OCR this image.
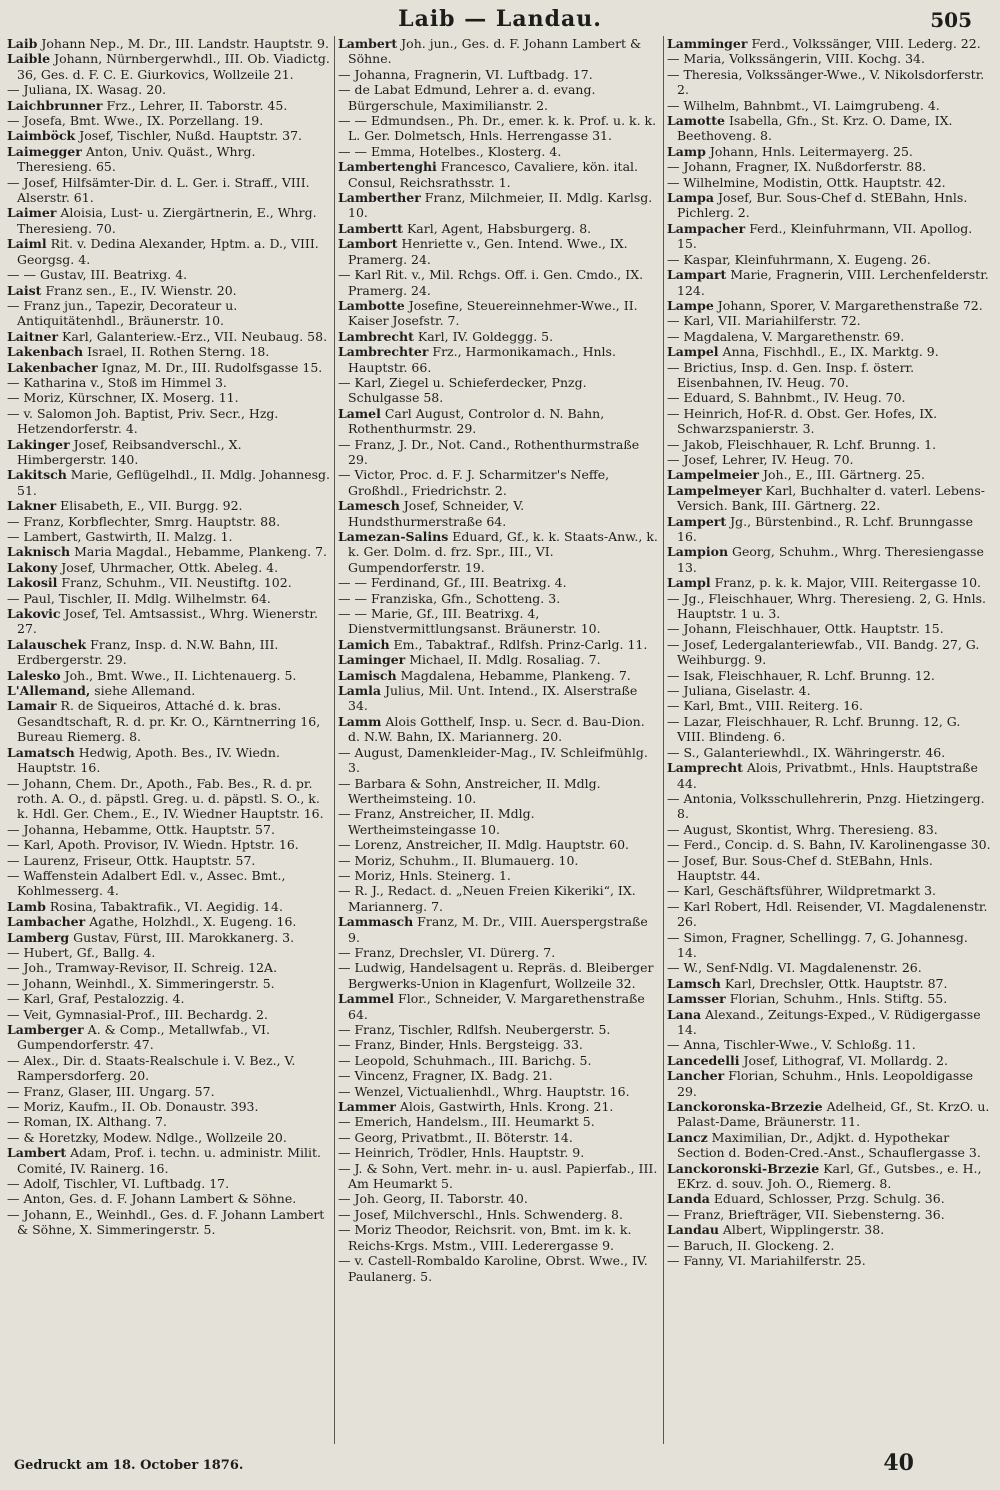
Laib — Landau.	505

Laib Johann Nep., M. Dr., III. Landstr. Hauptstr. 9.

Laible Johann, Nürnbergerwhdl., III. Ob. Viadictg. 36, Ges. d. F. C. E. Giurkovics, Wollzeile 21.

— Juliana, IX. Wasag. 20.

Laichbrunner Frz., Lehrer, II. Taborstr. 45.

— Josefa, Bmt. Wwe., IX. Porzellang. 19.

Laimböck Josef, Tischler, Nußd. Hauptstr. 37.

Laimegger Anton, Univ. Quäst., Whrg. Theresieng. 65.

— Josef, Hilfsämter-Dir. d. L. Ger. i. Straff., VIII. Alserstr. 61.

Laimer Aloisia, Lust- u. Ziergärtnerin, E., Whrg. Theresieng. 70.

Laiml Rit. v. Dedina Alexander, Hptm. a. D., VIII. Georgsg. 4.

— — Gustav, III. Beatrixg. 4.

Laist Franz sen., E., IV. Wienstr. 20.

— Franz jun., Tapezir, Decorateur u. Antiquitätenhdl., Bräunerstr. 10.

Laitner Karl, Galanteriew.-Erz., VII. Neubaug. 58.

Lakenbach Israel, II. Rothen Sterng. 18.

Lakenbacher Ignaz, M. Dr., III. Rudolfsgasse 15.

— Katharina v., Stoß im Himmel 3.

— Moriz, Kürschner, IX. Moserg. 11.

— v. Salomon Joh. Baptist, Priv. Secr., Hzg. Hetzendorferstr. 4.

Lakinger Josef, Reibsandverschl., X. Himbergerstr. 140.

Lakitsch Marie, Geflügelhdl., II. Mdlg. Johannesg. 51.

Lakner Elisabeth, E., VII. Burgg. 92.

— Franz, Korbflechter, Smrg. Hauptstr. 88.

— Lambert, Gastwirth, II. Malzg. 1.

Laknisch Maria Magdal., Hebamme, Plankeng. 7.

Lakony Josef, Uhrmacher, Ottk. Abeleg. 4.

Lakosil Franz, Schuhm., VII. Neustiftg. 102.

— Paul, Tischler, II. Mdlg. Wilhelmstr. 64.

Lakovic Josef, Tel. Amtsassist., Whrg. Wienerstr. 27.

Lalauschek Franz, Insp. d. N.W. Bahn, III. Erdbergerstr. 29.

Lalesko Joh., Bmt. Wwe., II. Lichtenauerg. 5.

L'Allemand, siehe Allemand.

Lamair R. de Siqueiros, Attaché d. k. bras. Gesandtschaft, R. d. pr. Kr. O., Kärntnerring 16, Bureau Riemerg. 8.

Lamatsch Hedwig, Apoth. Bes., IV. Wiedn. Hauptstr. 16.

— Johann, Chem. Dr., Apoth., Fab. Bes., R. d. pr. roth. A. O., d. päpstl. Greg. u. d. päpstl. S. O., k. k. Hdl. Ger. Chem., E., IV. Wiedner Hauptstr. 16.

— Johanna, Hebamme, Ottk. Hauptstr. 57.

— Karl, Apoth. Provisor, IV. Wiedn. Hptstr. 16.

— Laurenz, Friseur, Ottk. Hauptstr. 57.

— Waffenstein Adalbert Edl. v., Assec. Bmt., Kohlmesserg. 4.

Lamb Rosina, Tabaktrafik., VI. Aegidig. 14.

Lambacher Agathe, Holzhdl., X. Eugeng. 16.

Lamberg Gustav, Fürst, III. Marokkanerg. 3.

— Hubert, Gf., Ballg. 4.

— Joh., Tramway-Revisor, II. Schreig. 12A.

— Johann, Weinhdl., X. Simmeringerstr. 5.

— Karl, Graf, Pestalozzig. 4.

— Veit, Gymnasial-Prof., III. Bechardg. 2.

Lamberger A. & Comp., Metallwfab., VI. Gumpendorferstr. 47.

— Alex., Dir. d. Staats-Realschule i. V. Bez., V. Rampersdorferg. 20.

— Franz, Glaser, III. Ungarg. 57.

— Moriz, Kaufm., II. Ob. Donaustr. 393.

— Roman, IX. Althang. 7.

— & Horetzky, Modew. Ndlge., Wollzeile 20.

Lambert Adam, Prof. i. techn. u. administr. Milit. Comité, IV. Rainerg. 16.

— Adolf, Tischler, VI. Luftbadg. 17.

— Anton, Ges. d. F. Johann Lambert & Söhne.

— Johann, E., Weinhdl., Ges. d. F. Johann Lambert & Söhne, X. Simmeringerstr. 5.

Lambert Joh. jun., Ges. d. F. Johann Lambert & Söhne.

— Johanna, Fragnerin, VI. Luftbadg. 17.

— de Labat Edmund, Lehrer a. d. evang. Bürgerschule, Maximilianstr. 2.

— — Edmundsen., Ph. Dr., emer. k. k. Prof. u. k. k. L. Ger. Dolmetsch, Hnls. Herrengasse 31.

— — Emma, Hotelbes., Klosterg. 4.

Lambertenghi Francesco, Cavaliere, kön. ital. Consul, Reichsrathsstr. 1.

Lamberther Franz, Milchmeier, II. Mdlg. Karlsg. 10.

Lambertt Karl, Agent, Habsburgerg. 8.

Lambort Henriette v., Gen. Intend. Wwe., IX. Pramerg. 24.

— Karl Rit. v., Mil. Rchgs. Off. i. Gen. Cmdo., IX. Pramerg. 24.

Lambotte Josefine, Steuereinnehmer-Wwe., II. Kaiser Josefstr. 7.

Lambrecht Karl, IV. Goldeggg. 5.

Lambrechter Frz., Harmonikamach., Hnls. Hauptstr. 66.

— Karl, Ziegel u. Schieferdecker, Pnzg. Schulgasse 58.

Lamel Carl August, Controlor d. N. Bahn, Rothenthurmstr. 29.

— Franz, J. Dr., Not. Cand., Rothenthurmstraße 29.

— Victor, Proc. d. F. J. Scharmitzer's Neffe, Großhdl., Friedrichstr. 2.

Lamesch Josef, Schneider, V. Hundsthurmerstraße 64.

Lamezan-Salins Eduard, Gf., k. k. Staats-Anw., k. k. Ger. Dolm. d. frz. Spr., III., VI. Gumpendorferstr. 19.

— — Ferdinand, Gf., III. Beatrixg. 4.

— — Franziska, Gfn., Schotteng. 3.

— — Marie, Gf., III. Beatrixg. 4, Dienstvermittlungsanst. Bräunerstr. 10.

Lamich Em., Tabaktraf., Rdlfsh. Prinz-Carlg. 11.

Laminger Michael, II. Mdlg. Rosaliag. 7.

Lamisch Magdalena, Hebamme, Plankeng. 7.

Lamla Julius, Mil. Unt. Intend., IX. Alserstraße 34.

Lamm Alois Gotthelf, Insp. u. Secr. d. Bau-Dion. d. N.W. Bahn, IX. Mariannerg. 20.

— August, Damenkleider-Mag., IV. Schleifmühlg. 3.

— Barbara & Sohn, Anstreicher, II. Mdlg. Wertheimsteing. 10.

— Franz, Anstreicher, II. Mdlg. Wertheimsteingasse 10.

— Lorenz, Anstreicher, II. Mdlg. Hauptstr. 60.

— Moriz, Schuhm., II. Blumauerg. 10.

— Moriz, Hnls. Steinerg. 1.

— R. J., Redact. d. „Neuen Freien Kikeriki“, IX. Mariannerg. 7.

Lammasch Franz, M. Dr., VIII. Auerspergstraße 9.

— Franz, Drechsler, VI. Dürerg. 7.

— Ludwig, Handelsagent u. Repräs. d. Bleiberger Bergwerks-Union in Klagenfurt, Wollzeile 32.

Lammel Flor., Schneider, V. Margarethenstraße 64.

— Franz, Tischler, Rdlfsh. Neubergerstr. 5.

— Franz, Binder, Hnls. Bergsteigg. 33.

— Leopold, Schuhmach., III. Barichg. 5.

— Vincenz, Fragner, IX. Badg. 21.

— Wenzel, Victualienhdl., Whrg. Hauptstr. 16.

Lammer Alois, Gastwirth, Hnls. Krong. 21.

— Emerich, Handelsm., III. Heumarkt 5.

— Georg, Privatbmt., II. Böterstr. 14.

— Heinrich, Trödler, Hnls. Hauptstr. 9.

— J. & Sohn, Vert. mehr. in- u. ausl. Papierfab., III. Am Heumarkt 5.

— Joh. Georg, II. Taborstr. 40.

— Josef, Milchverschl., Hnls. Schwenderg. 8.

— Moriz Theodor, Reichsrit. von, Bmt. im k. k. Reichs-Krgs. Mstm., VIII. Lederergasse 9.

— v. Castell-Rombaldo Karoline, Obrst. Wwe., IV. Paulanerg. 5.

Lamminger Ferd., Volkssänger, VIII. Lederg. 22.

— Maria, Volkssängerin, VIII. Kochg. 34.

— Theresia, Volkssänger-Wwe., V. Nikolsdorferstr. 2.

— Wilhelm, Bahnbmt., VI. Laimgrubeng. 4.

Lamotte Isabella, Gfn., St. Krz. O. Dame, IX. Beethoveng. 8.

Lamp Johann, Hnls. Leitermayerg. 25.

— Johann, Fragner, IX. Nußdorferstr. 88.

— Wilhelmine, Modistin, Ottk. Hauptstr. 42.

Lampa Josef, Bur. Sous-Chef d. StEBahn, Hnls. Pichlerg. 2.

Lampacher Ferd., Kleinfuhrmann, VII. Apollog. 15.

— Kaspar, Kleinfuhrmann, X. Eugeng. 26.

Lampart Marie, Fragnerin, VIII. Lerchenfelderstr. 124.

Lampe Johann, Sporer, V. Margarethenstraße 72.

— Karl, VII. Mariahilferstr. 72.

— Magdalena, V. Margarethenstr. 69.

Lampel Anna, Fischhdl., E., IX. Marktg. 9.

— Brictius, Insp. d. Gen. Insp. f. österr. Eisenbahnen, IV. Heug. 70.

— Eduard, S. Bahnbmt., IV. Heug. 70.

— Heinrich, Hof-R. d. Obst. Ger. Hofes, IX. Schwarzspanierstr. 3.

— Jakob, Fleischhauer, R. Lchf. Brunng. 1.

— Josef, Lehrer, IV. Heug. 70.

Lampelmeier Joh., E., III. Gärtnerg. 25.

Lampelmeyer Karl, Buchhalter d. vaterl. Lebens-Versich. Bank, III. Gärtnerg. 22.

Lampert Jg., Bürstenbind., R. Lchf. Brunngasse 16.

Lampion Georg, Schuhm., Whrg. Theresiengasse 13.

Lampl Franz, p. k. k. Major, VIII. Reitergasse 10.

— Jg., Fleischhauer, Whrg. Theresieng. 2, G. Hnls. Hauptstr. 1 u. 3.

— Johann, Fleischhauer, Ottk. Hauptstr. 15.

— Josef, Ledergalanteriewfab., VII. Bandg. 27, G. Weihburgg. 9.

— Isak, Fleischhauer, R. Lchf. Brunng. 12.

— Juliana, Giselastr. 4.

— Karl, Bmt., VIII. Reiterg. 16.

— Lazar, Fleischhauer, R. Lchf. Brunng. 12, G. VIII. Blindeng. 6.

— S., Galanteriewhdl., IX. Währingerstr. 46.

Lamprecht Alois, Privatbmt., Hnls. Hauptstraße 44.

— Antonia, Volksschullehrerin, Pnzg. Hietzingerg. 8.

— August, Skontist, Whrg. Theresieng. 83.

— Ferd., Concip. d. S. Bahn, IV. Karolinengasse 30.

— Josef, Bur. Sous-Chef d. StEBahn, Hnls. Hauptstr. 44.

— Karl, Geschäftsführer, Wildpretmarkt 3.

— Karl Robert, Hdl. Reisender, VI. Magdalenenstr. 26.

— Simon, Fragner, Schellingg. 7, G. Johannesg. 14.

— W., Senf-Ndlg. VI. Magdalenenstr. 26.

Lamsch Karl, Drechsler, Ottk. Hauptstr. 87.

Lamsser Florian, Schuhm., Hnls. Stiftg. 55.

Lana Alexand., Zeitungs-Exped., V. Rüdigergasse 14.

— Anna, Tischler-Wwe., V. Schloßg. 11.

Lancedelli Josef, Lithograf, VI. Mollardg. 2.

Lancher Florian, Schuhm., Hnls. Leopoldigasse 29.

Lanckoronska-Brzezie Adelheid, Gf., St. KrzO. u. Palast-Dame, Bräunerstr. 11.

Lancz Maximilian, Dr., Adjkt. d. Hypothekar Section d. Boden-Cred.-Anst., Schauflergasse 3.

Lanckoronski-Brzezie Karl, Gf., Gutsbes., e. H., EKrz. d. souv. Joh. O., Riemerg. 8.

Landa Eduard, Schlosser, Przg. Schulg. 36.

— Franz, Briefträger, VII. Siebensterng. 36.

Landau Albert, Wipplingerstr. 38.

— Baruch, II. Glockeng. 2.

— Fanny, VI. Mariahilferstr. 25.

Gedruckt am 18. October 1876.	40
